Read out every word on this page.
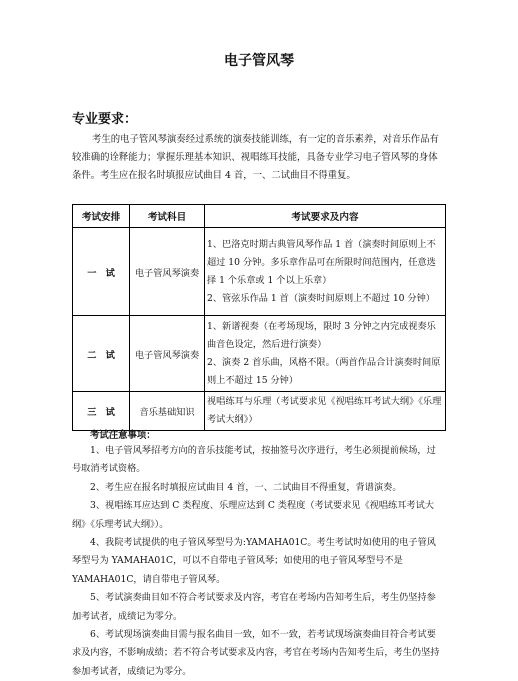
电子管风琴
专业要求：

考生的电子管风琴演奏经过系统的演奏技能训练，有一定的音乐素养，对音乐作品有较准确的诠释能力；掌握乐理基本知识、视唱练耳技能，具备专业学习电子管风琴的身体条件。考生应在报名时填报应试曲目 4 首，一、二试曲目不得重复。

考试安排	考试科目	考试要求及内容
一　试	电子管风琴演奏	1、巴洛克时期古典管风琴作品 1 首（演奏时间原则上不超过 10 分钟。多乐章作品可在所限时间范围内，任意选择 1 个乐章或 1 个以上乐章）
2、管弦乐作品 1 首（演奏时间原则上不超过 10 分钟）
二　试	电子管风琴演奏	1、新谱视奏（在考场现场，限时 3 分钟之内完成视奏乐曲音色设定，然后进行演奏）
2、演奏 2 首乐曲，风格不限。（两首作品合计演奏时间原则上不超过 15 分钟）
三　试	音乐基础知识	视唱练耳与乐理（考试要求见《视唱练耳考试大纲》《乐理考试大纲》）
考试注意事项：

1、电子管风琴招考方向的音乐技能考试，按抽签号次序进行，考生必须提前候场，过号取消考试资格。

2、考生应在报名时填报应试曲目 4 首，一、二试曲目不得重复，背谱演奏。

3、视唱练耳应达到 C 类程度、乐理应达到 C 类程度（考试要求见《视唱练耳考试大纲》《乐理考试大纲》）。

4、我院考试提供的电子管风琴型号为:YAMAHA01C。考生考试时如使用的电子管风琴型号为 YAMAHA01C，可以不自带电子管风琴；如使用的电子管风琴型号不是 YAMAHA01C，请自带电子管风琴。

5、考试演奏曲目如不符合考试要求及内容，考官在考场内告知考生后，考生仍坚持参加考试者，成绩记为零分。

6、考试现场演奏曲目需与报名曲目一致，如不一致，若考试现场演奏曲目符合考试要求及内容，不影响成绩；若不符合考试要求及内容，考官在考场内告知考生后，考生仍坚持参加考试者，成绩记为零分。
